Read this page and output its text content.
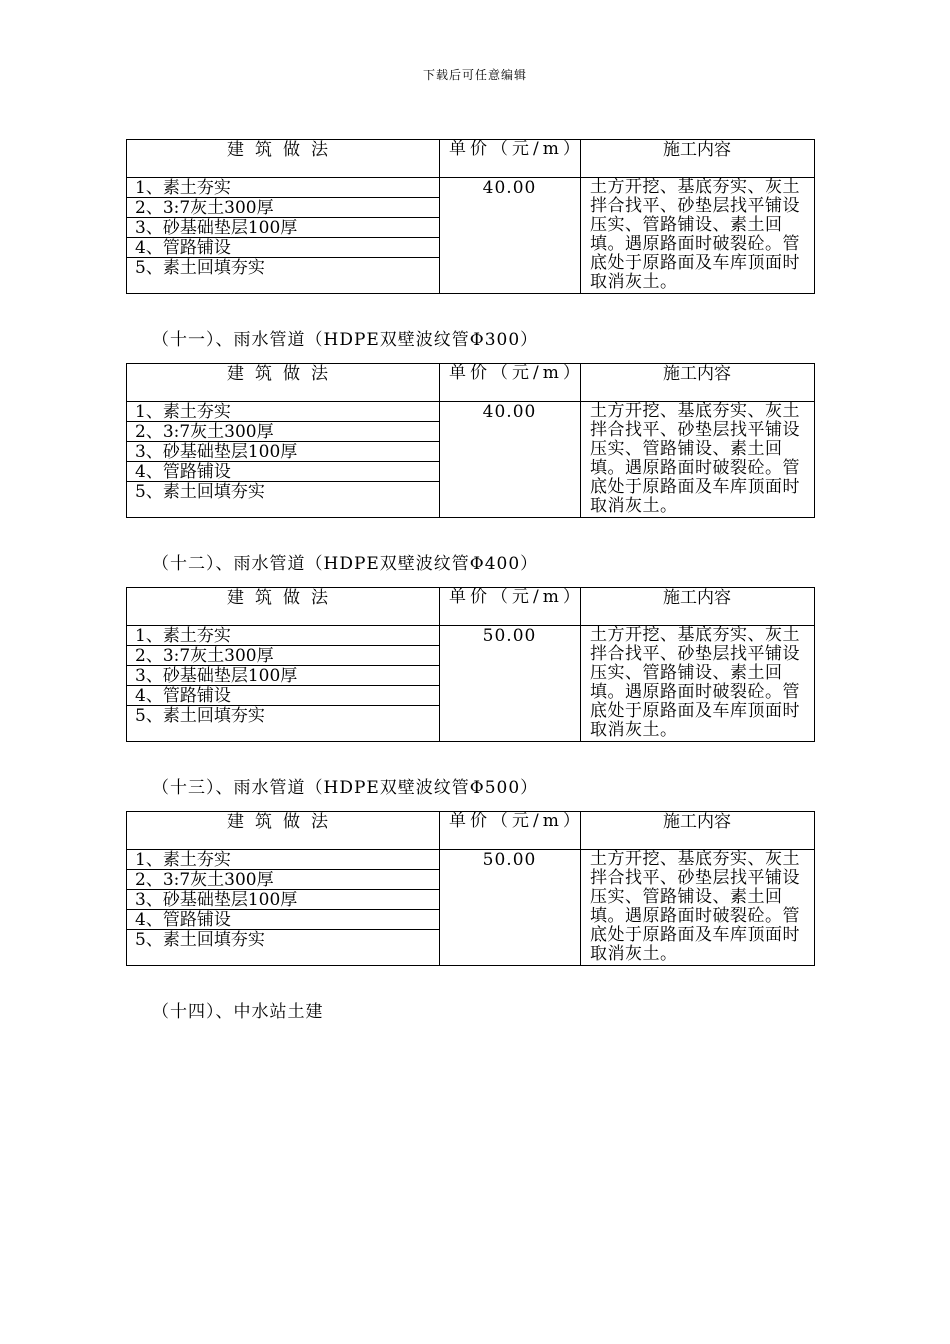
下载后可任意编辑
建筑做法
1、素土夯实
2、3:7灰土300厚
3、砂基础垫层100厚
4、管路铺设
5、素土回填夯实
单价（元/m）
40.00
施工内容
土方开挖、基底夯实、灰土拌合找平、砂垫层找平铺设压实、管路铺设、素土回填。遇原路面时破裂砼。管底处于原路面及车库顶面时取消灰土。
（十一）、雨水管道（HDPE双壁波纹管Φ300）
建筑做法
1、素土夯实
2、3:7灰土300厚
3、砂基础垫层100厚
4、管路铺设
5、素土回填夯实
单价（元/m）
40.00
施工内容
土方开挖、基底夯实、灰土拌合找平、砂垫层找平铺设压实、管路铺设、素土回填。遇原路面时破裂砼。管底处于原路面及车库顶面时取消灰土。
（十二）、雨水管道（HDPE双壁波纹管Φ400）
建筑做法
1、素土夯实
2、3:7灰土300厚
3、砂基础垫层100厚
4、管路铺设
5、素土回填夯实
单价（元/m）
50.00
施工内容
土方开挖、基底夯实、灰土拌合找平、砂垫层找平铺设压实、管路铺设、素土回填。遇原路面时破裂砼。管底处于原路面及车库顶面时取消灰土。
（十三）、雨水管道（HDPE双壁波纹管Φ500）
建筑做法
1、素土夯实
2、3:7灰土300厚
3、砂基础垫层100厚
4、管路铺设
5、素土回填夯实
单价（元/m）
50.00
施工内容
土方开挖、基底夯实、灰土拌合找平、砂垫层找平铺设压实、管路铺设、素土回填。遇原路面时破裂砼。管底处于原路面及车库顶面时取消灰土。
（十四）、中水站土建
